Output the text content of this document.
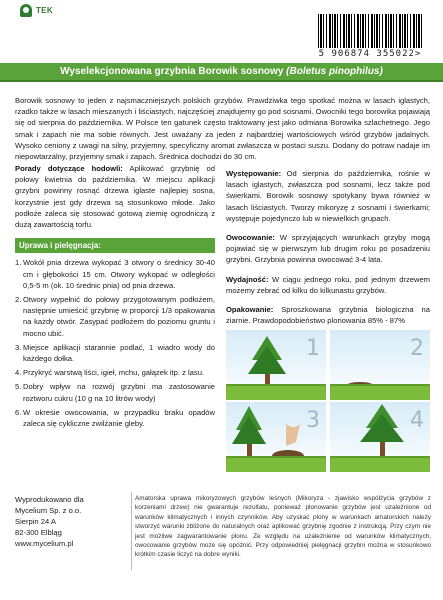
TEK
5 906874 355022>
Wyselekcjonowana grzybnia Borowik sosnowy (Boletus pinophilus)

Borowik sosnowy to jeden z najsmaczniejszych polskich grzybów. Prawdziwka tego spotkać można w lasach iglastych, rzadko także w lasach mieszanych i liściastych, najczęściej znajdujemy go pod sosnami. Owocniki tego borowika pojawiają się od sierpnia do października. W Polsce ten gatunek często traktowany jest jako odmiana Borowika szlachetnego. Jego smak i zapach nie ma sobie równych. Jest uważany za jeden z najbardziej wartościowych wśród grzybów jadalnych. Wysoko ceniony z uwagi na silny, przyjemny, specyficzny aromat zwłaszcza w postaci suszu. Dodany do potraw nadaje im niepowtarzalny, przyjemny smak i zapach. Średnica dochodzi do 30 cm.

Porady dotyczące hodowli: Aplikować grzybnię od połowy kwietnia do października. W miejscu aplikacji grzybni powinny rosnąć drzewa iglaste najlepiej sosna, korzystnie jest gdy drzewa są stosunkowo młode. Jako podłoże zaleca się stosować gotową ziemię ogrodniczą z dużą zawartością torfu.

Uprawa i pielęgnacja:
1. Wokół pnia drzewa wykopać 3 otwory o średnicy 30-40 cm i głębokości 15 cm. Otwory wykopać w odległości 0,5-5 m (ok. 10 średnic pnia) od pnia drzewa.
2. Otwory wypełnić do połowy przygotowanym podłożem, następnie umieścić grzybnię w proporcji 1/3 opakowania na każdy otwór. Zasypać podłożem do poziomu gruntu i mocno ubić.
3. Miejsce aplikacji starannie podlać, 1 wiadro wody do każdego dołka.
4. Przykryć warstwą liści, igieł, mchu, gałązek itp. z lasu.
5. Dobry wpływ na rozwój grzybni ma zastosowanie roztworu cukru (10 g na 10 litrów wody)
6. W okresie owocowania, w przypadku braku opadów zaleca się cykliczne zwilżanie gleby.

Występowanie: Od sierpnia do października, rośnie w lasach iglastych, zwłaszcza pod sosnami, lecz także pod świerkami. Borowik sosnowy spotykany bywa również w lasach liściastych. Tworzy mikoryzę z sosnami i świerkami; występuje pojedynczo lub w niewielkich grupach.

Owocowanie: W sprzyjających warunkach grzyby mogą pojawiać się w pierwszym lub drugim roku po posadzeniu grzybni. Grzybnia powinna owocować 3-4 lata.

Wydajność: W ciągu jednego roku, pod jednym drzewem możemy zebrać od kilku do kilkunastu grzybów.

Opakowanie: Sproszkowana grzybnia biologiczna na ziarnie. Prawdopodobieństwo plonowania 85% - 87%

1	2
3	4
Wyprodukowano dla
Mycelium Sp. z o.o.
Sierpin 24 A
82-300 Elbląg
www.mycelium.pl

Amatorska uprawa mikoryzowych grzybów leśnych (Mikoryza - zjawisko współżycia grzybów z korzeniami drzew) nie gwarantuje rezultatu, ponieważ plonowanie grzybów jest uzależnione od warunków klimatycznych i innych czynników. Aby uzyskać plony w warunkach amatorskich należy stworzyć warunki zbliżone do naturalnych oraz aplikować grzybnię zgodnie z instrukcją. Przy czym nie jest możliwe zagwarantowanie plonu. Ze względu na uzależnienie od warunków klimatycznych, owocowanie grzybów może się opóźnić. Przy odpowiedniej pielęgnacji grzybni można w stosunkowo krótkim czasie liczyć na dobre wyniki.
